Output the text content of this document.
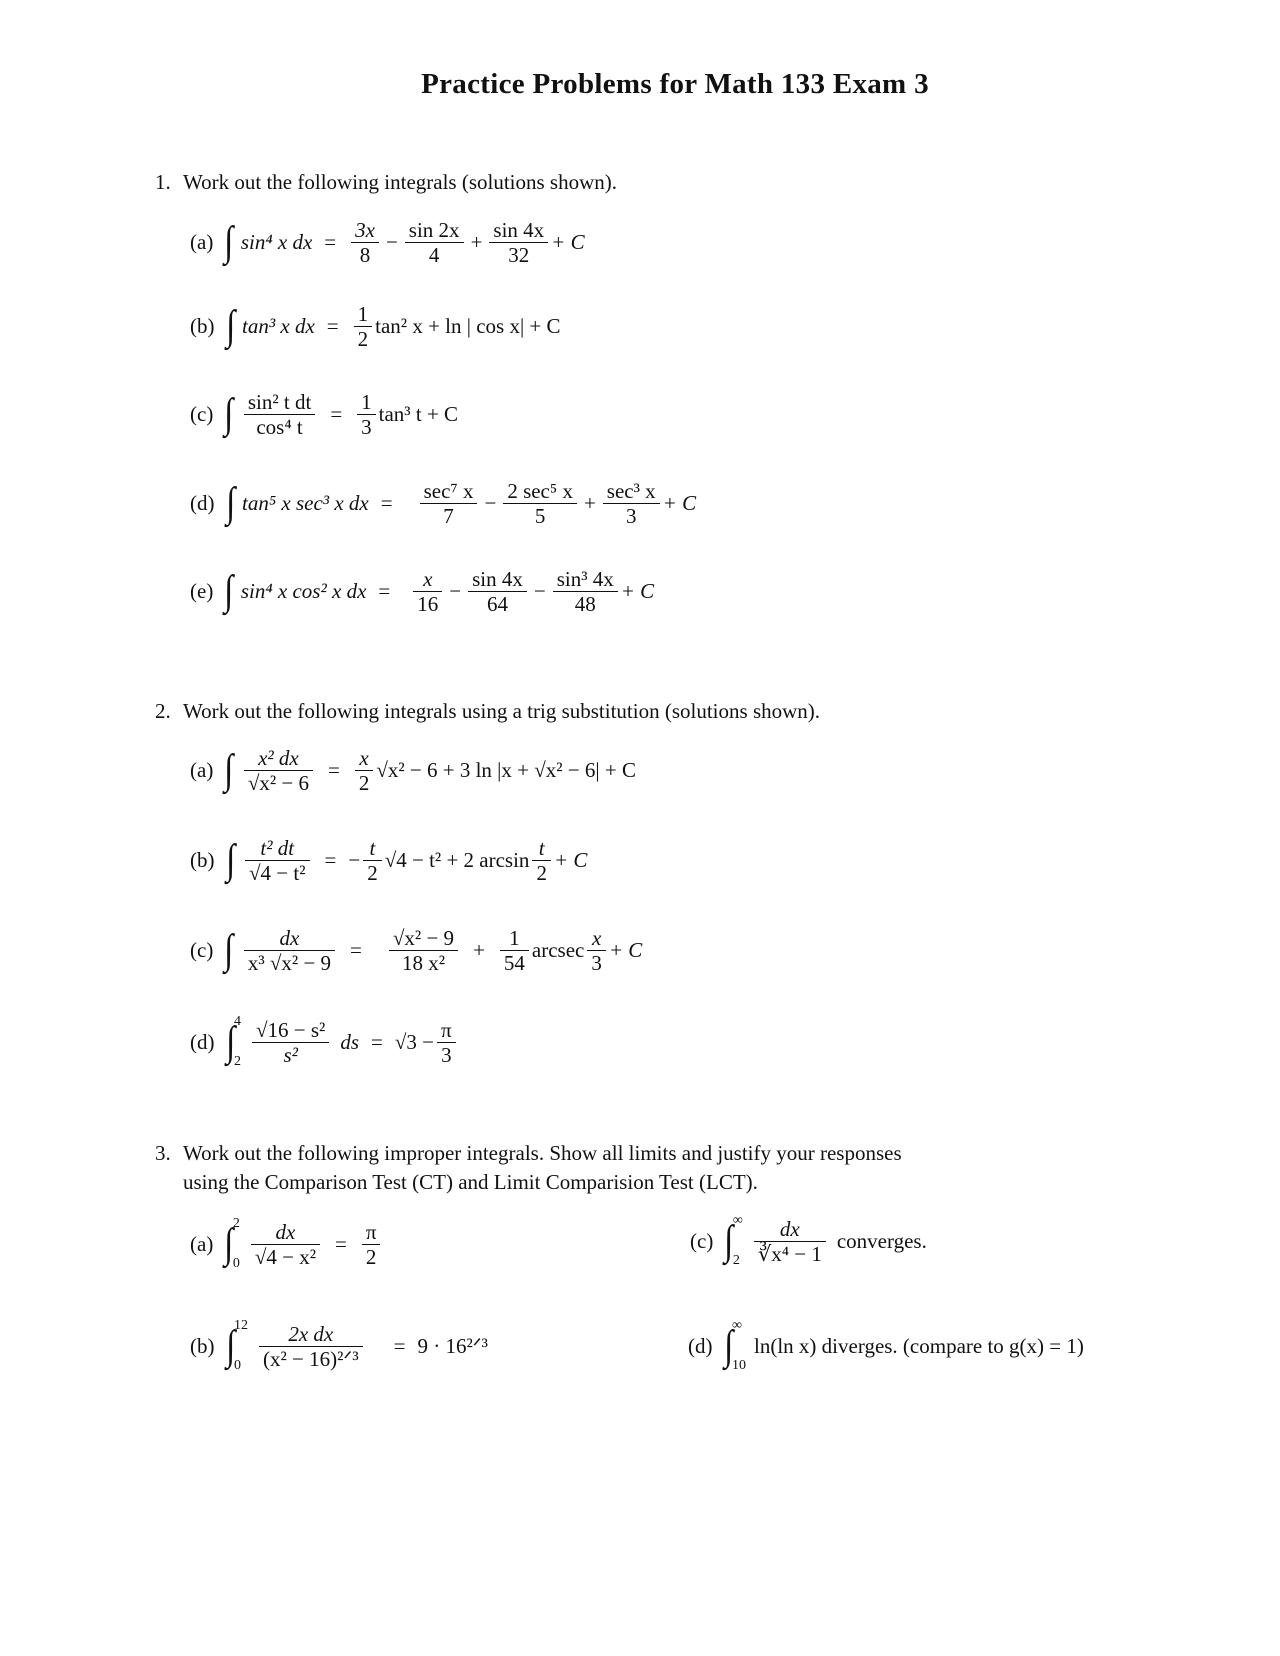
Practice Problems for Math 133 Exam 3
1. Work out the following integrals (solutions shown).
(a) ∫ sin⁴ x dx = $\frac{3x}{8} - \frac{\sin 2x}{4} + \frac{\sin 4x}{32} + C$
(b) ∫ tan³ x dx = $\frac{1}{2} \tan^2$ x + ln | cos x| + C
(c) ∫ $\frac{\text{sin² t dt}}{\text{cos⁴ t}} = \frac{1}{3} \tan^3$ t + C
(d) ∫ tan⁵ x sec³ x dx = $\frac{\text{sec⁷ x}}{7} - \frac{\text{2 sec⁵ x}}{5} + \frac{\text{sec³ x}}{3} + C$
(e) ∫ sin⁴ x cos² x dx = $\frac{x}{16} - \frac{\sin 4x}{64} - \frac{\text{sin³ 4x}}{48} + C$
2. Work out the following integrals using a trig substitution (solutions shown).
(a) ∫ $\frac{\text{x² dx}}{\text{√x² − 6}} = \frac{x}{2} √x^2 - 6 + 3$ ln |x + √x² − 6| + C
(b) ∫ $\frac{\text{t² dt}}{\text{√4 − t²}}$ = − $\frac{t}{2} √4 - t^2 + 2$ $\arcsin \frac{t}{2} + C$
(c) ∫ $\frac{dx}{\text{x³ √x² − 9}} = \frac{\text{√x² − 9}}{\text{18 x²}} + \frac{1}{54}$ arcsec $\frac{x}{3} + C$
(d) ∫ 4
$2 \frac{\text{√16 − s²}}{\text{s²}}$ ds = $√3 - \frac{\pi}{3}$
3. Work out the following improper integrals. Show all limits and justify your responses
using the Comparison Test (CT) and Limit Comparision Test (LCT).
(a) ∫ 2
$0 \frac{dx}{\text{√4 − x²}} = \frac{\pi}{2}$	(c) ∫ ∞
$2 \frac{dx}{\text{∛x⁴ − 1}}$ converges.
(b) ∫ 12
$0 \frac{\text{2x dx}}{\text{(x² − 16)²ᐟ³}} = 9$ · 16²ᐟ³	(d) ∫ ∞
10
ln(ln x) diverges. (compare to g(x) = 1)
